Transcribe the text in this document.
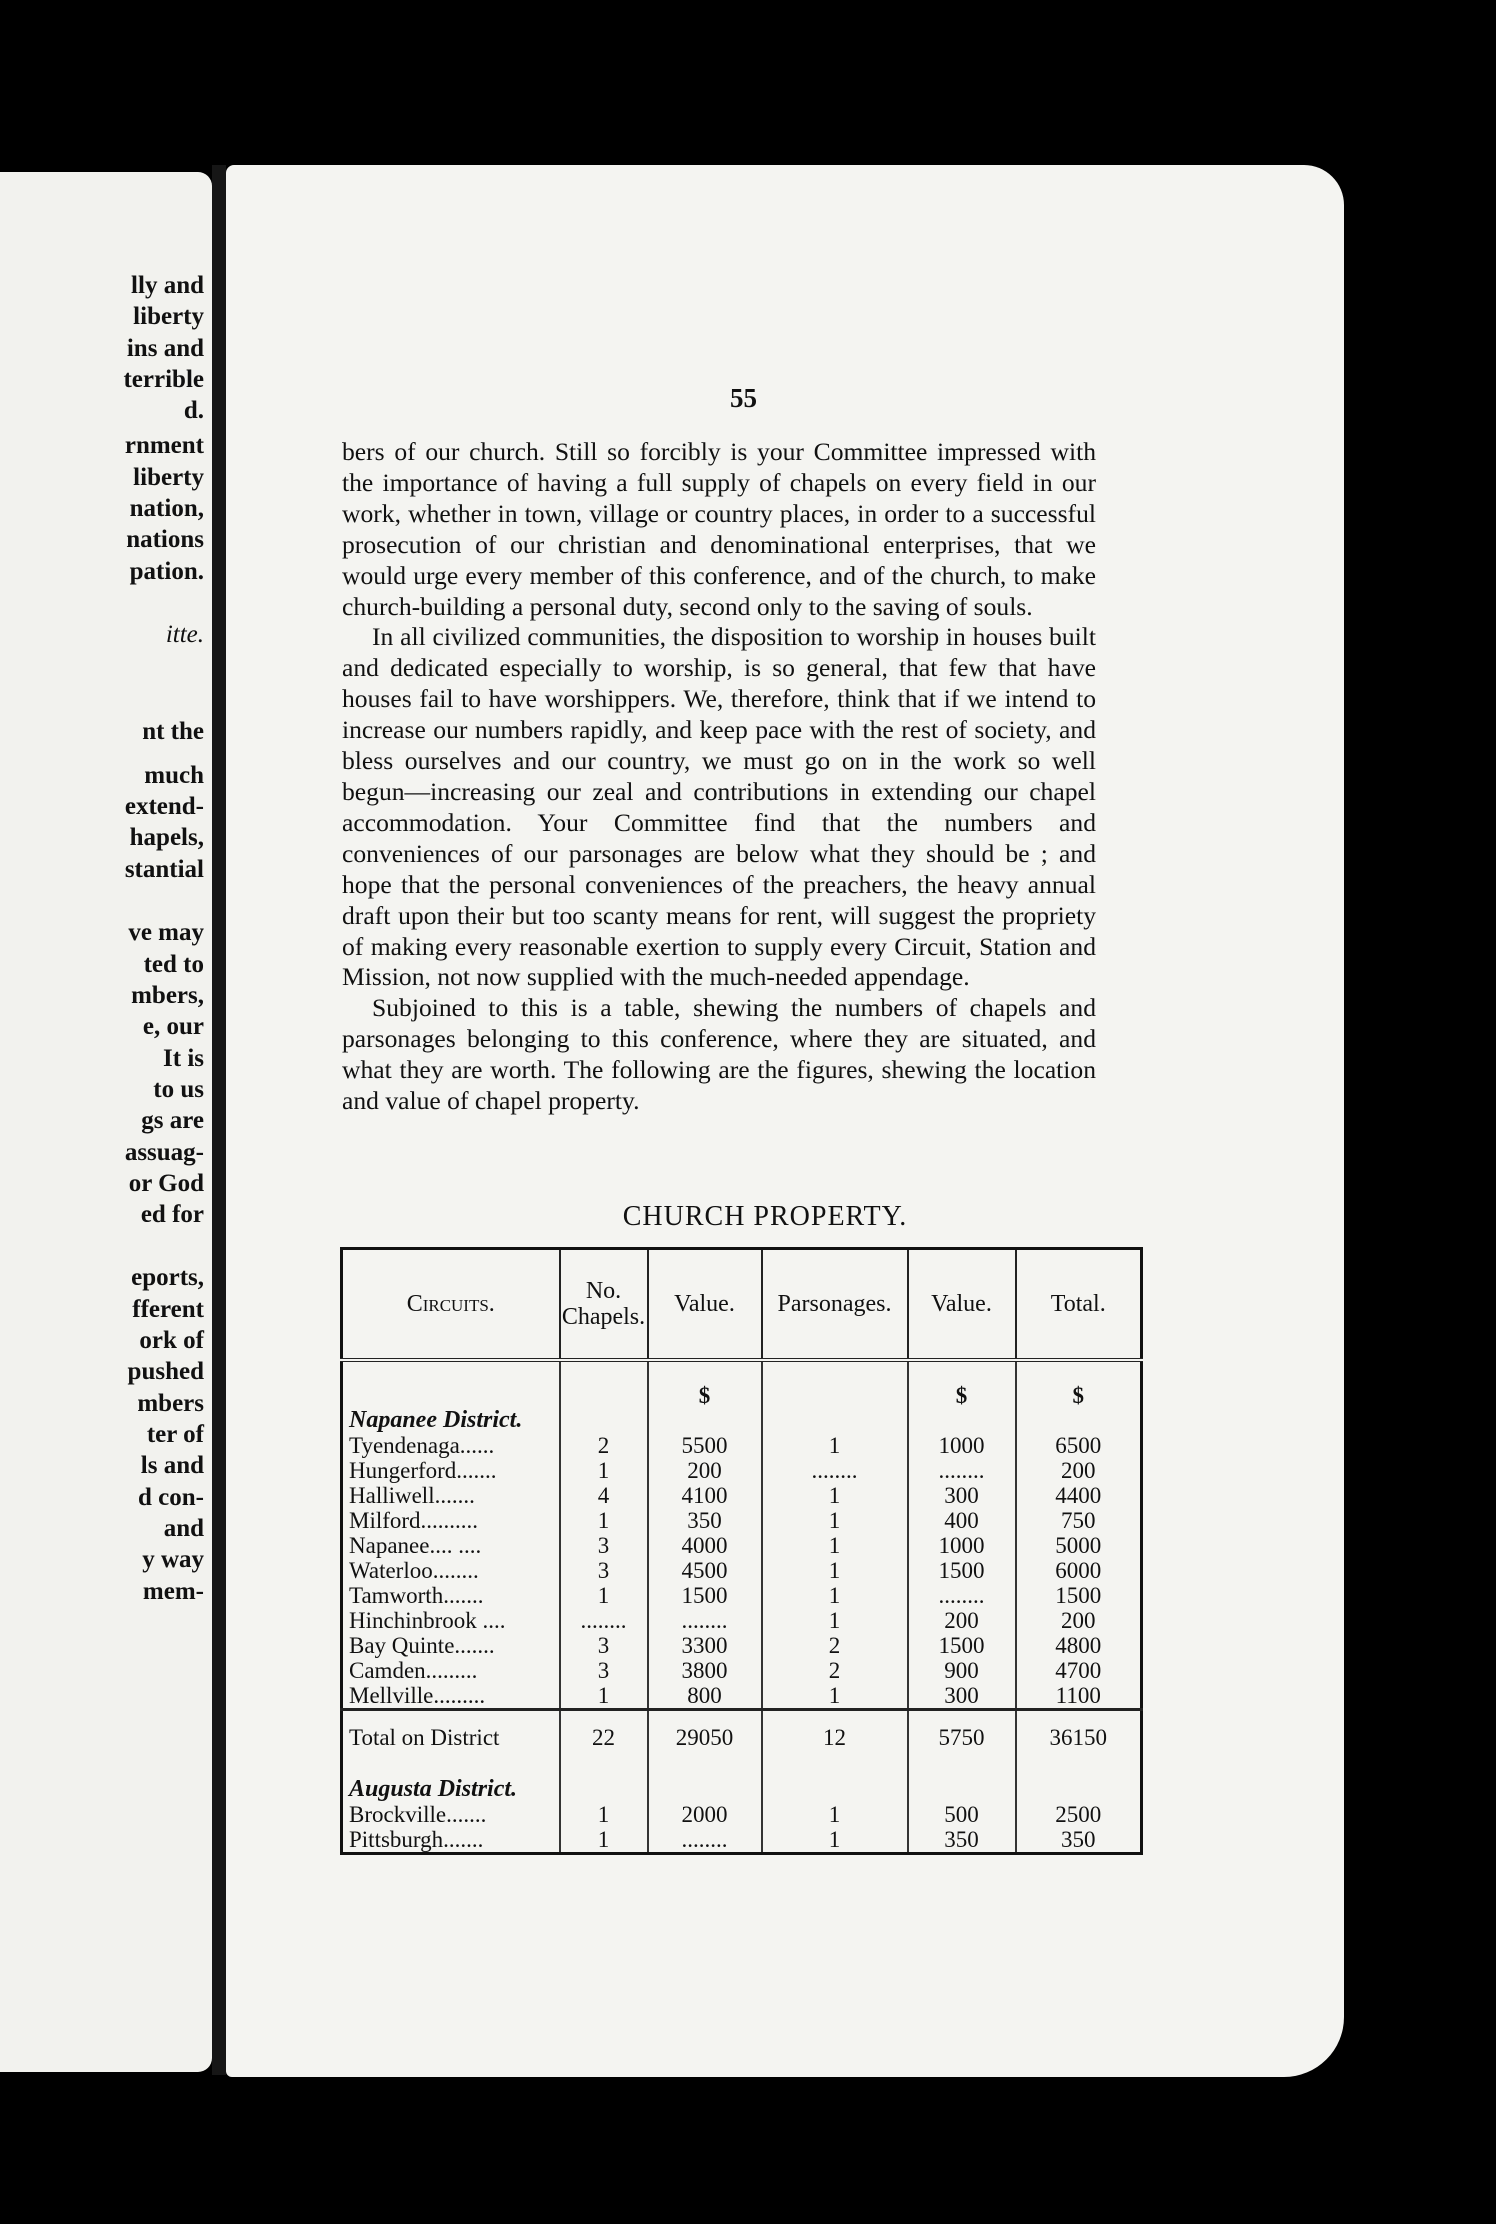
lly and
liberty
ins and
terrible
d.
rnment
liberty
nation,
nations
pation.
itte.
nt the
much
extend-
hapels,
stantial
ve may
ted to
mbers,
e, our
It is
to us
gs are
assuag-
or God
ed for
eports,
fferent
ork of
pushed
mbers
ter of
ls and
d con-
and
y way
mem-
55

bers of our church. Still so forcibly is your Committee impressed with the importance of having a full supply of chapels on every field in our work, whether in town, village or country places, in order to a successful prosecution of our christian and denominational enterprises, that we would urge every member of this conference, and of the church, to make church-building a personal duty, second only to the saving of souls.

In all civilized communities, the disposition to worship in houses built and dedicated especially to worship, is so general, that few that have houses fail to have worshippers. We, therefore, think that if we intend to increase our numbers rapidly, and keep pace with the rest of society, and bless ourselves and our country, we must go on in the work so well begun—increasing our zeal and contributions in extending our chapel accommodation. Your Committee find that the numbers and conveniences of our parsonages are below what they should be ; and hope that the personal conveniences of the preachers, the heavy annual draft upon their but too scanty means for rent, will suggest the propriety of making every reasonable exertion to supply every Circuit, Station and Mission, not now supplied with the much-needed appendage.

Subjoined to this is a table, shewing the numbers of chapels and parsonages belonging to this conference, where they are situated, and what they are worth. The following are the figures, shewing the location and value of chapel property.

CHURCH PROPERTY.
Circuits.	No. Chapels.	Value.	Parsonages.	Value.	Total.
		$		$	$
Napanee District.					
Tyendenaga......	2	5500	1	1000	6500
Hungerford.......	1	200	........	........	200
Halliwell.......	4	4100	1	300	4400
Milford..........	1	350	1	400	750
Napanee.... ....	3	4000	1	1000	5000
Waterloo........	3	4500	1	1500	6000
Tamworth.......	1	1500	1	........	1500
Hinchinbrook ....	........	........	1	200	200
Bay Quinte.......	3	3300	2	1500	4800
Camden.........	3	3800	2	900	4700
Mellville.........	1	800	1	300	1100
Total on District	22	29050	12	5750	36150

Augusta District.					
Brockville.......	1	2000	1	500	2500
Pittsburgh.......	1	........	1	350	350
